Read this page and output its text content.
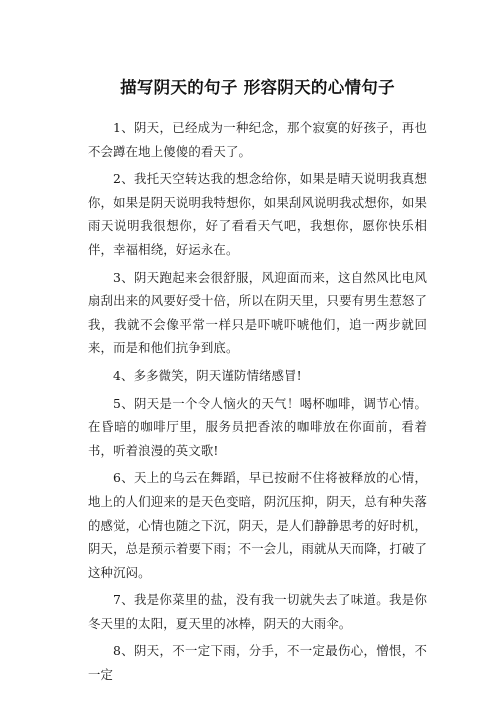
描写阴天的句子 形容阴天的心情句子

1、阴天，已经成为一种纪念，那个寂寞的好孩子，再也不会蹲在地上傻傻的看天了。

2、我托天空转达我的想念给你，如果是晴天说明我真想你，如果是阴天说明我特想你，如果刮风说明我忒想你，如果雨天说明我很想你，好了看看天气吧，我想你，愿你快乐相伴，幸福相绕，好运永在。

3、阴天跑起来会很舒服，风迎面而来，这自然风比电风扇刮出来的风要好受十倍，所以在阴天里，只要有男生惹怒了我，我就不会像平常一样只是吓唬吓唬他们，追一两步就回来，而是和他们抗争到底。

4、多多微笑，阴天谨防情绪感冒!

5、阴天是一个令人恼火的天气！喝杯咖啡，调节心情。在昏暗的咖啡厅里，服务员把香浓的咖啡放在你面前，看着书，听着浪漫的英文歌!

6、天上的乌云在舞蹈，早已按耐不住将被释放的心情，地上的人们迎来的是天色变暗，阴沉压抑，阴天，总有种失落的感觉，心情也随之下沉，阴天，是人们静静思考的好时机，阴天，总是预示着要下雨；不一会儿，雨就从天而降，打破了这种沉闷。

7、我是你菜里的盐，没有我一切就失去了味道。我是你冬天里的太阳，夏天里的冰棒，阴天的大雨伞。

8、阴天，不一定下雨，分手，不一定最伤心，憎恨，不一定
